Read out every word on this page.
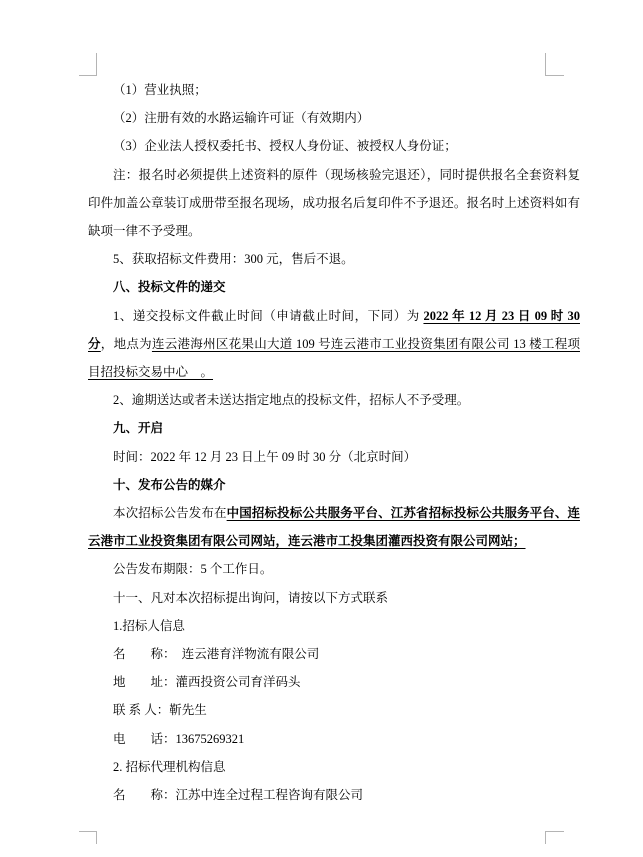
（1）营业执照；

（2）注册有效的水路运输许可证（有效期内）

（3）企业法人授权委托书、授权人身份证、被授权人身份证；

注：报名时必须提供上述资料的原件（现场核验完退还），同时提供报名全套资料复印件加盖公章装订成册带至报名现场，成功报名后复印件不予退还。报名时上述资料如有缺项一律不予受理。

5、获取招标文件费用：300 元，售后不退。

八、投标文件的递交

1、递交投标文件截止时间（申请截止时间，下同）为 2022 年 12 月 23 日 09 时 30 分，地点为连云港海州区花果山大道 109 号连云港市工业投资集团有限公司 13 楼工程项目招投标交易中心　。

2、逾期送达或者未送达指定地点的投标文件，招标人不予受理。

九、开启

时间：2022 年 12 月 23 日上午 09 时 30 分（北京时间）

十、发布公告的媒介

本次招标公告发布在中国招标投标公共服务平台、江苏省招标投标公共服务平台、连云港市工业投资集团有限公司网站，连云港市工投集团灌西投资有限公司网站；

公告发布期限：5 个工作日。

十一、凡对本次招标提出询问，请按以下方式联系

1.招标人信息

名　　称：　连云港育洋物流有限公司

地　　址：灌西投资公司育洋码头

联 系 人：靳先生

电　　话：13675269321

2. 招标代理机构信息

名　　称：江苏中连全过程工程咨询有限公司
